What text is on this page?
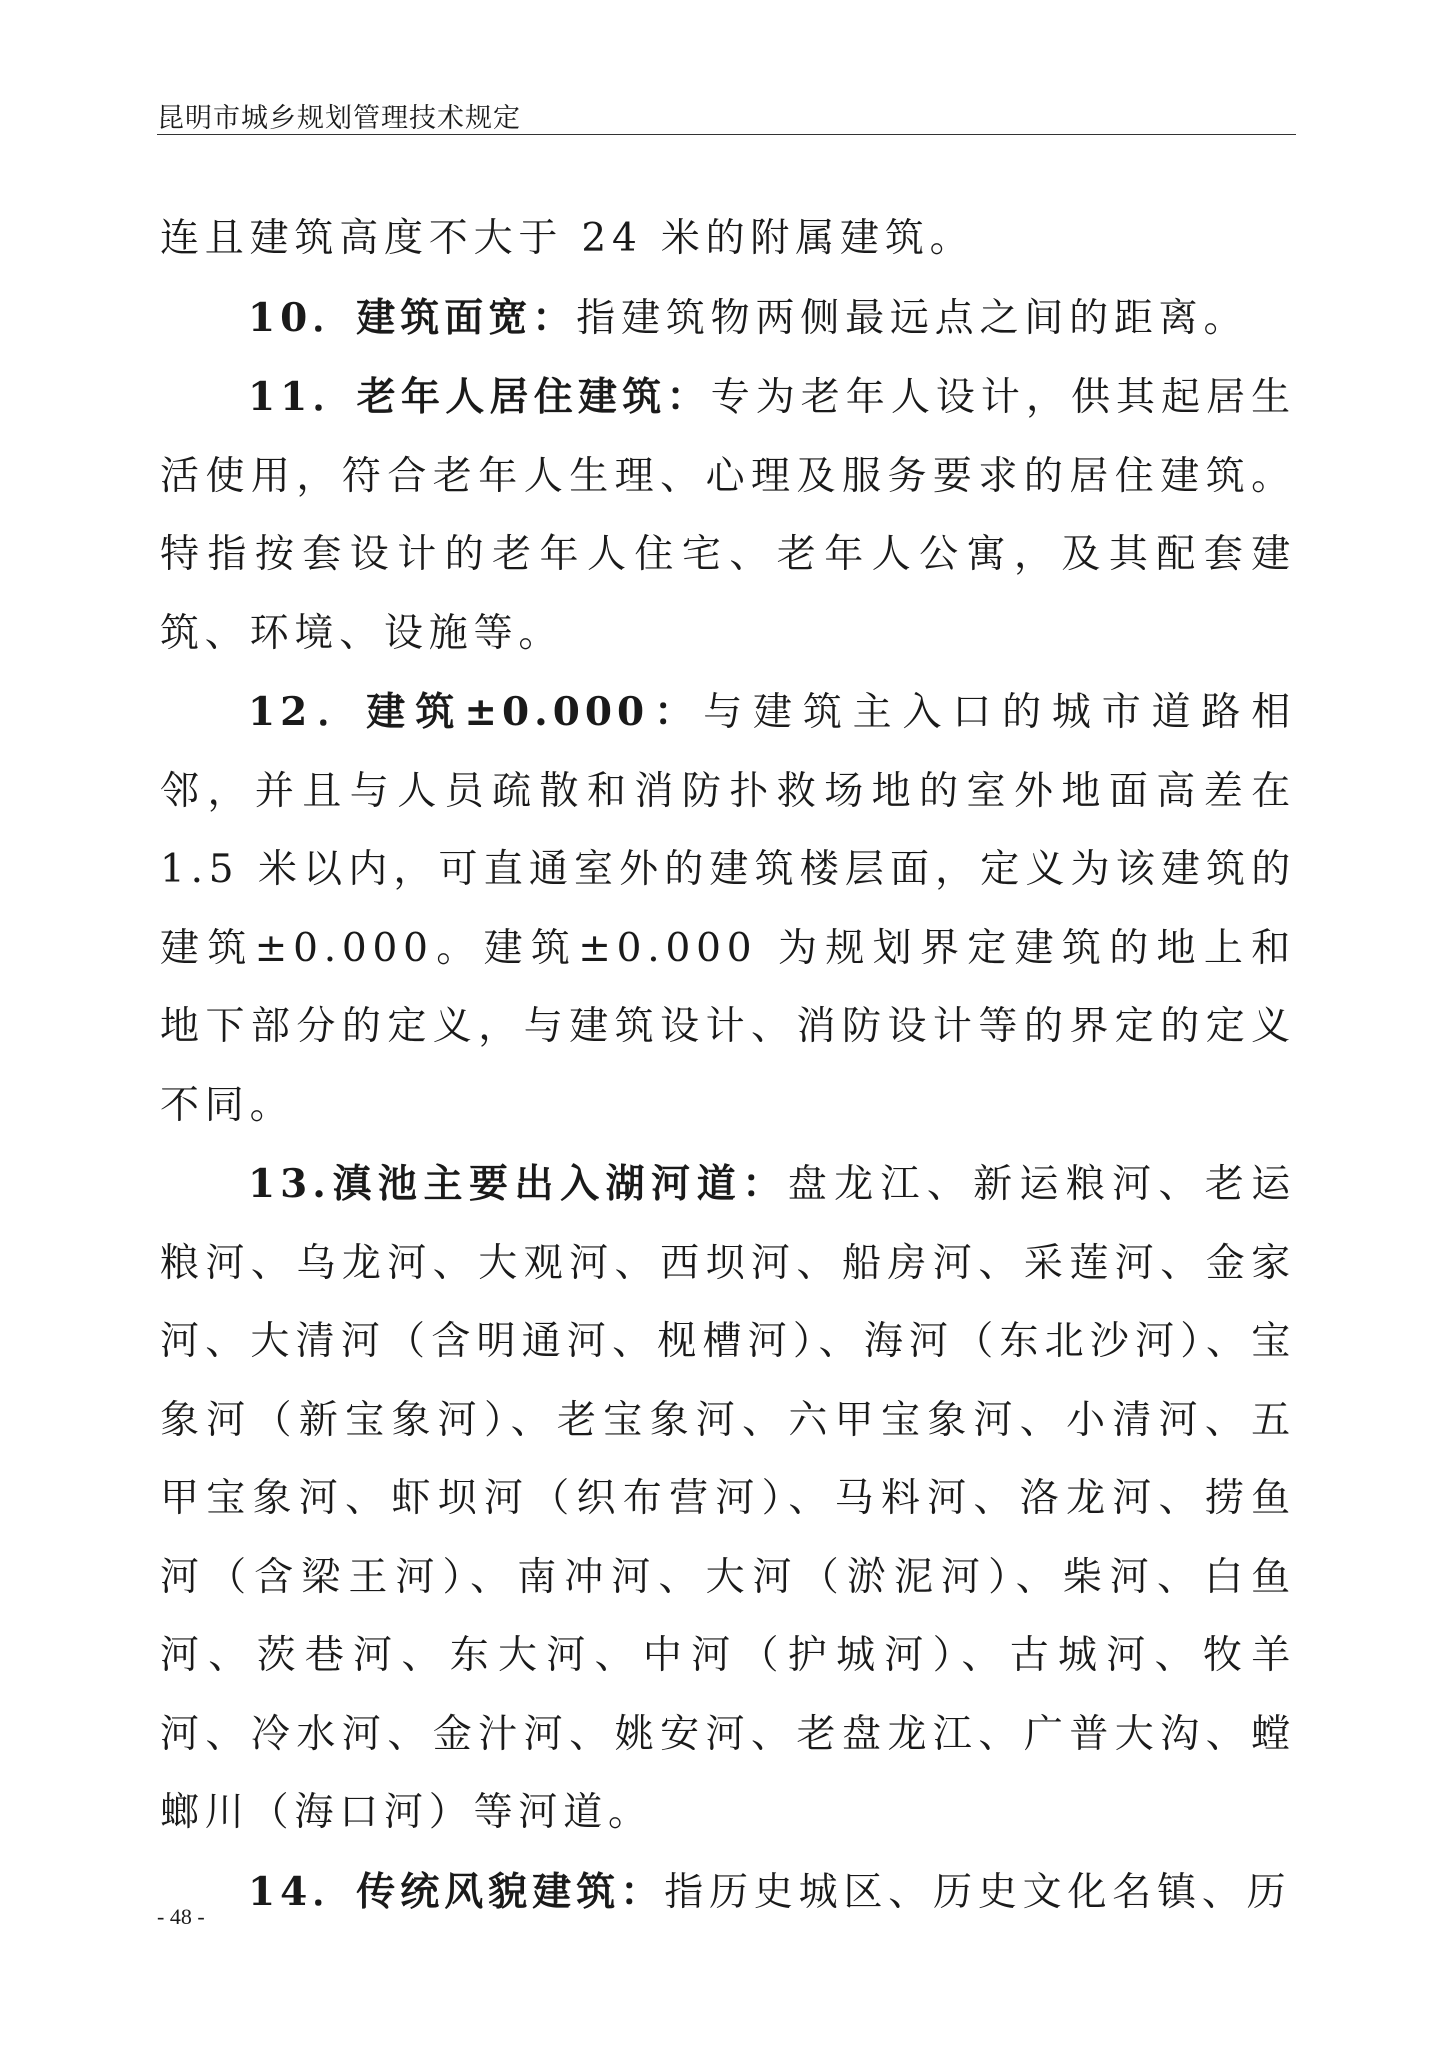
昆明市城乡规划管理技术规定

连且建筑高度不大于 24 米的附属建筑。

10．建筑面宽：指建筑物两侧最远点之间的距离。

11．老年人居住建筑：专为老年人设计，供其起居生活使用，符合老年人生理、心理及服务要求的居住建筑。特指按套设计的老年人住宅、老年人公寓，及其配套建筑、环境、设施等。

12．建筑±0.000：与建筑主入口的城市道路相邻，并且与人员疏散和消防扑救场地的室外地面高差在 1.5 米以内，可直通室外的建筑楼层面，定义为该建筑的建筑±0.000。建筑±0.000 为规划界定建筑的地上和地下部分的定义，与建筑设计、消防设计等的界定的定义不同。

13.滇池主要出入湖河道：盘龙江、新运粮河、老运粮河、乌龙河、大观河、西坝河、船房河、采莲河、金家河、大清河（含明通河、枧槽河）、海河（东北沙河）、宝象河（新宝象河）、老宝象河、六甲宝象河、小清河、五甲宝象河、虾坝河（织布营河）、马料河、洛龙河、捞鱼河（含梁王河）、南冲河、大河（淤泥河）、柴河、白鱼河、茨巷河、东大河、中河（护城河）、古城河、牧羊河、冷水河、金汁河、姚安河、老盘龙江、广普大沟、螳螂川（海口河）等河道。

14．传统风貌建筑：指历史城区、历史文化名镇、历

- 48 -
